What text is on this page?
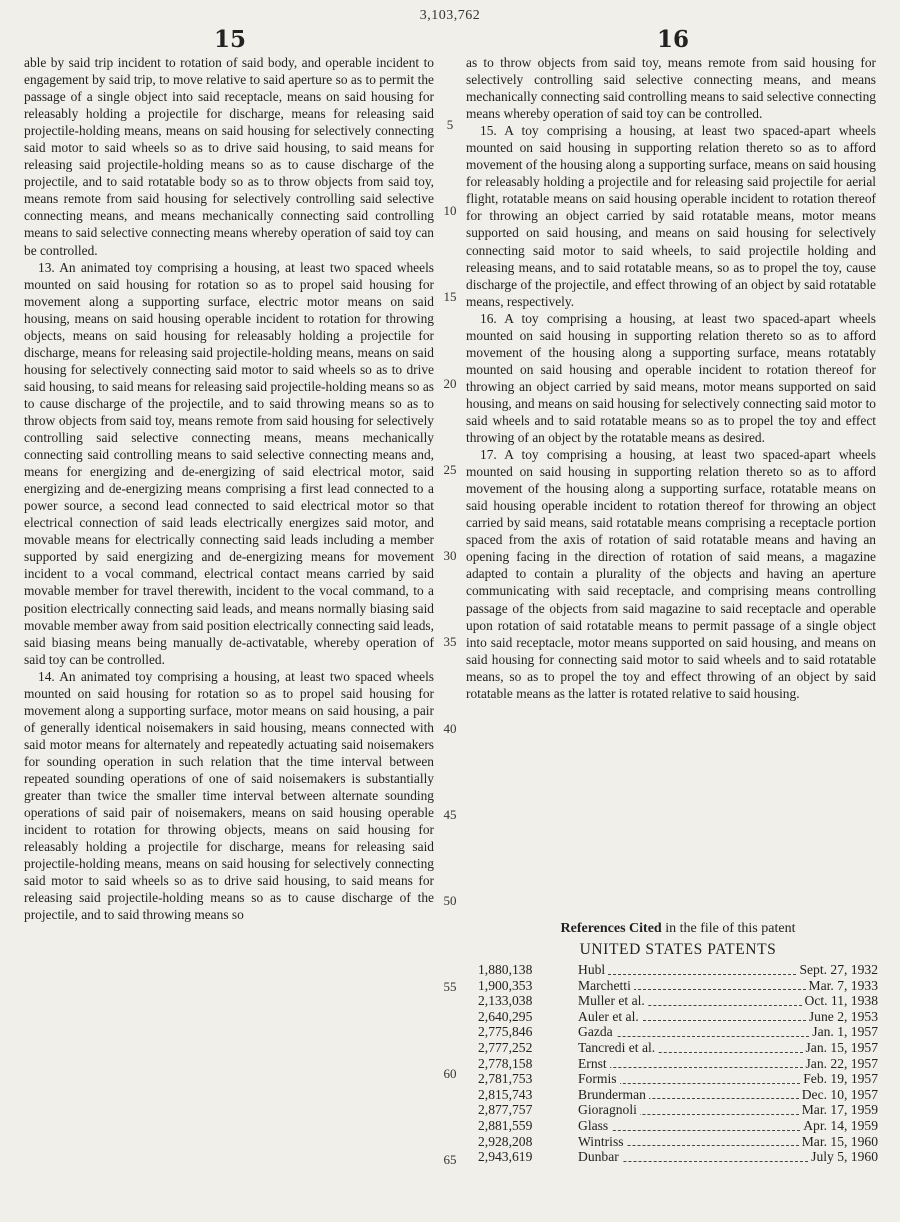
3,103,762
15	16

able by said trip incident to rotation of said body, and operable incident to engagement by said trip, to move relative to said aperture so as to permit the passage of a single object into said receptacle, means on said housing for releasably holding a projectile for discharge, means for releasing said projectile-holding means, means on said housing for selectively connecting said motor to said wheels so as to drive said housing, to said means for releasing said projectile-holding means so as to cause discharge of the projectile, and to said rotatable body so as to throw objects from said toy, means remote from said housing for selectively controlling said selective connecting means, and means mechanically connecting said controlling means to said selective connecting means whereby operation of said toy can be controlled.

13. An animated toy comprising a housing, at least two spaced wheels mounted on said housing for rotation so as to propel said housing for movement along a supporting surface, electric motor means on said housing, means on said housing operable incident to rotation for throwing objects, means on said housing for releasably holding a projectile for discharge, means for releasing said projectile-holding means, means on said housing for selectively connecting said motor to said wheels so as to drive said housing, to said means for releasing said projectile-holding means so as to cause discharge of the projectile, and to said throwing means so as to throw objects from said toy, means remote from said housing for selectively controlling said selective connecting means, means mechanically connecting said controlling means to said selective connecting means and, means for energizing and de-energizing of said electrical motor, said energizing and de-energizing means comprising a first lead connected to a power source, a second lead connected to said electrical motor so that electrical connection of said leads electrically energizes said motor, and movable means for electrically connecting said leads including a member supported by said energizing and de-energizing means for movement incident to a vocal command, electrical contact means carried by said movable member for travel therewith, incident to the vocal command, to a position electrically connecting said leads, and means normally biasing said movable member away from said position electrically connecting said leads, said biasing means being manually de-activatable, whereby operation of said toy can be controlled.

14. An animated toy comprising a housing, at least two spaced wheels mounted on said housing for rotation so as to propel said housing for movement along a supporting surface, motor means on said housing, a pair of generally identical noisemakers in said housing, means connected with said motor means for alternately and repeatedly actuating said noisemakers for sounding operation in such relation that the time interval between repeated sounding operations of one of said noisemakers is substantially greater than twice the smaller time interval between alternate sounding operations of said pair of noisemakers, means on said housing operable incident to rotation for throwing objects, means on said housing for releasably holding a projectile for discharge, means for releasing said projectile-holding means, means on said housing for selectively connecting said motor to said wheels so as to drive said housing, to said means for releasing said projectile-holding means so as to cause discharge of the projectile, and to said throwing means so

5
10
15
20
25
30
35
40
45
50
55
60
65

as to throw objects from said toy, means remote from said housing for selectively controlling said selective connecting means, and means mechanically connecting said controlling means to said selective connecting means whereby operation of said toy can be controlled.

15. A toy comprising a housing, at least two spaced-apart wheels mounted on said housing in supporting relation thereto so as to afford movement of the housing along a supporting surface, means on said housing for releasably holding a projectile and for releasing said projectile for aerial flight, rotatable means on said housing operable incident to rotation thereof for throwing an object carried by said rotatable means, motor means supported on said housing, and means on said housing for selectively connecting said motor to said wheels, to said projectile holding and releasing means, and to said rotatable means, so as to propel the toy, cause discharge of the projectile, and effect throwing of an object by said rotatable means, respectively.

16. A toy comprising a housing, at least two spaced-apart wheels mounted on said housing in supporting relation thereto so as to afford movement of the housing along a supporting surface, means rotatably mounted on said housing and operable incident to rotation thereof for throwing an object carried by said means, motor means supported on said housing, and means on said housing for selectively connecting said motor to said wheels and to said rotatable means so as to propel the toy and effect throwing of an object by the rotatable means as desired.

17. A toy comprising a housing, at least two spaced-apart wheels mounted on said housing in supporting relation thereto so as to afford movement of the housing along a supporting surface, rotatable means on said housing operable incident to rotation thereof for throwing an object carried by said means, said rotatable means comprising a receptacle portion spaced from the axis of rotation of said rotatable means and having an opening facing in the direction of rotation of said means, a magazine adapted to contain a plurality of the objects and having an aperture communicating with said receptacle, and comprising means controlling passage of the objects from said magazine to said receptacle and operable upon rotation of said rotatable means to permit passage of a single object into said receptacle, motor means supported on said housing, and means on said housing for connecting said motor to said wheels and to said rotatable means, so as to propel the toy and effect throwing of an object by said rotatable means as the latter is rotated relative to said housing.

References Cited in the file of this patent
UNITED STATES PATENTS
1,880,138	Hubl	Sept. 27, 1932
1,900,353	Marchetti	Mar. 7, 1933
2,133,038	Muller et al.	Oct. 11, 1938
2,640,295	Auler et al.	June 2, 1953
2,775,846	Gazda	Jan. 1, 1957
2,777,252	Tancredi et al.	Jan. 15, 1957
2,778,158	Ernst	Jan. 22, 1957
2,781,753	Formis	Feb. 19, 1957
2,815,743	Brunderman	Dec. 10, 1957
2,877,757	Gioragnoli	Mar. 17, 1959
2,881,559	Glass	Apr. 14, 1959
2,928,208	Wintriss	Mar. 15, 1960
2,943,619	Dunbar	July 5, 1960
